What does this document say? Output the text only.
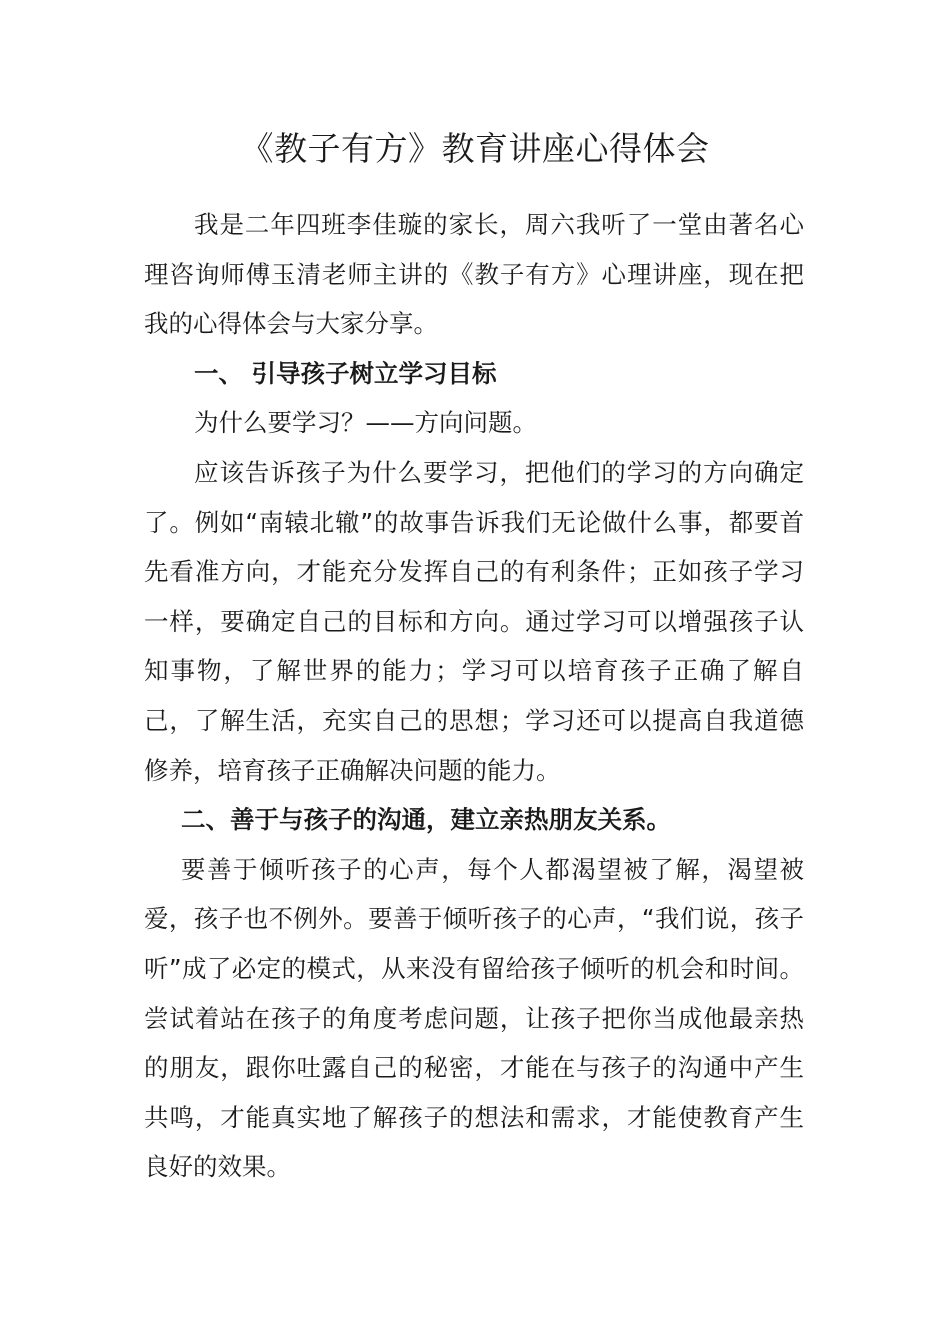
《教子有方》教育讲座心得体会

我是二年四班李佳璇的家长，周六我听了一堂由著名心理咨询师傅玉清老师主讲的《教子有方》心理讲座，现在把我的心得体会与大家分享。

一、 引导孩子树立学习目标

为什么要学习？——方向问题。

应该告诉孩子为什么要学习，把他们的学习的方向确定了。例如“南辕北辙”的故事告诉我们无论做什么事，都要首先看准方向，才能充分发挥自己的有利条件；正如孩子学习一样，要确定自己的目标和方向。通过学习可以增强孩子认知事物，了解世界的能力；学习可以培育孩子正确了解自己，了解生活，充实自己的思想；学习还可以提高自我道德修养，培育孩子正确解决问题的能力。

二、善于与孩子的沟通，建立亲热朋友关系。

要善于倾听孩子的心声，每个人都渴望被了解，渴望被爱，孩子也不例外。要善于倾听孩子的心声，“我们说，孩子听”成了必定的模式，从来没有留给孩子倾听的机会和时间。尝试着站在孩子的角度考虑问题，让孩子把你当成他最亲热的朋友，跟你吐露自己的秘密，才能在与孩子的沟通中产生共鸣，才能真实地了解孩子的想法和需求，才能使教育产生良好的效果。
